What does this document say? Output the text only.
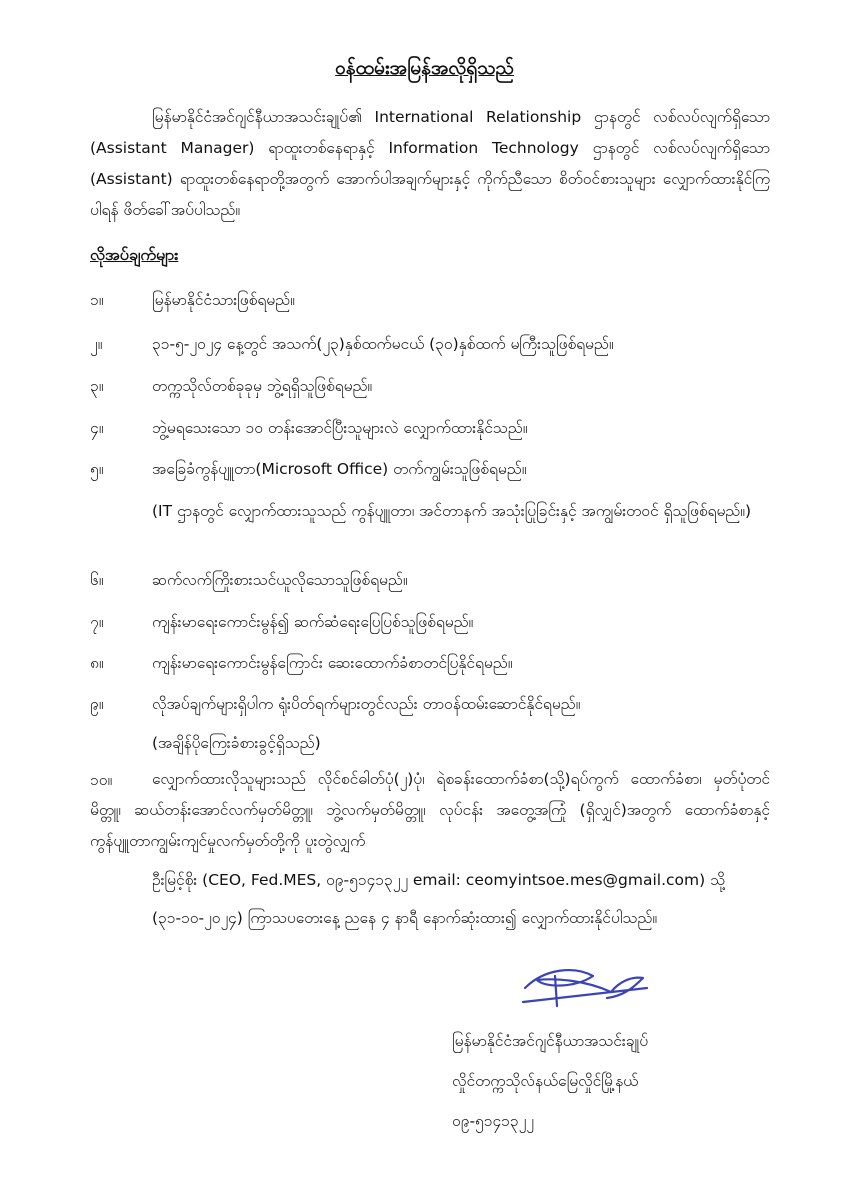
ဝန်ထမ်းအမြန်အလိုရှိသည်
မြန်မာနိုင်ငံအင်ဂျင်နီယာအသင်းချုပ်၏ International Relationship ဌာနတွင် လစ်လပ်လျက်ရှိသော (Assistant Manager) ရာထူးတစ်နေရာနှင့် Information Technology ဌာနတွင် လစ်လပ်လျက်ရှိသော (Assistant) ရာထူးတစ်နေရာတို့အတွက် အောက်ပါအချက်များနှင့် ကိုက်ညီသော စိတ်ဝင်စားသူများ လျှောက်ထားနိုင်ကြပါရန် ဖိတ်ခေါ်အပ်ပါသည်။
လိုအပ်ချက်များ
၁။	မြန်မာနိုင်ငံသားဖြစ်ရမည်။
၂။	၃၁-၅-၂၀၂၄ နေ့တွင် အသက်(၂၃)နှစ်ထက်မငယ် (၃၀)နှစ်ထက် မကြီးသူဖြစ်ရမည်။
၃။	တက္ကသိုလ်တစ်ခုခုမှ ဘွဲ့ရရှိသူဖြစ်ရမည်။
၄။	ဘွဲ့မရသေးသော ၁၀ တန်းအောင်ပြီးသူများလဲ လျှောက်ထားနိုင်သည်။
၅။	အခြေခံကွန်ပျူတာ(Microsoft Office) တက်ကျွမ်းသူဖြစ်ရမည်။
(IT ဌာနတွင် လျှောက်ထားသူသည် ကွန်ပျူတာ၊ အင်တာနက် အသုံးပြုခြင်းနှင့် အကျွမ်းတဝင် ရှိသူဖြစ်ရမည်။)
၆။	ဆက်လက်ကြိုးစားသင်ယူလိုသောသူဖြစ်ရမည်။
၇။	ကျန်းမာရေးကောင်းမွန်၍ ဆက်ဆံရေးပြေပြစ်သူဖြစ်ရမည်။
၈။	ကျန်းမာရေးကောင်းမွန်ကြောင်း ဆေးထောက်ခံစာတင်ပြနိုင်ရမည်။
၉။	လိုအပ်ချက်များရှိပါက ရုံးပိတ်ရက်များတွင်လည်း တာဝန်ထမ်းဆောင်နိုင်ရမည်။
(အချိန်ပိုကြေးခံစားခွင့်ရှိသည်)
၁၀။	လျှောက်ထားလိုသူများသည် လိုင်စင်ဓါတ်ပုံ(၂)ပုံ၊ ရဲစခန်းထောက်ခံစာ(သို့)ရပ်ကွက် ထောက်ခံစာ၊ မှတ်ပုံတင်မိတ္တူ၊ ဆယ်တန်းအောင်လက်မှတ်မိတ္တူ၊ ဘွဲ့လက်မှတ်မိတ္တူ၊ လုပ်ငန်း အတွေ့အကြုံ (ရှိလျှင်)အတွက် ထောက်ခံစာနှင့် ကွန်ပျူတာကျွမ်းကျင်မှုလက်မှတ်တို့ကို ပူးတွဲလျှက်
ဦးမြင့်စိုး (CEO, Fed.MES, ၀၉-၅၁၄၁၃၂၂ email: ceomyintsoe.mes@gmail.com) သို့
(၃၁-၁၀-၂၀၂၄) ကြာသပတေးနေ့ ညနေ ၄ နာရီ နောက်ဆုံးထား၍ လျှောက်ထားနိုင်ပါသည်။
မြန်မာနိုင်ငံအင်ဂျင်နီယာအသင်းချုပ်
လှိုင်တက္ကသိုလ်နယ်မြေလှိုင်မြို့နယ်
၀၉-၅၁၄၁၃၂၂
